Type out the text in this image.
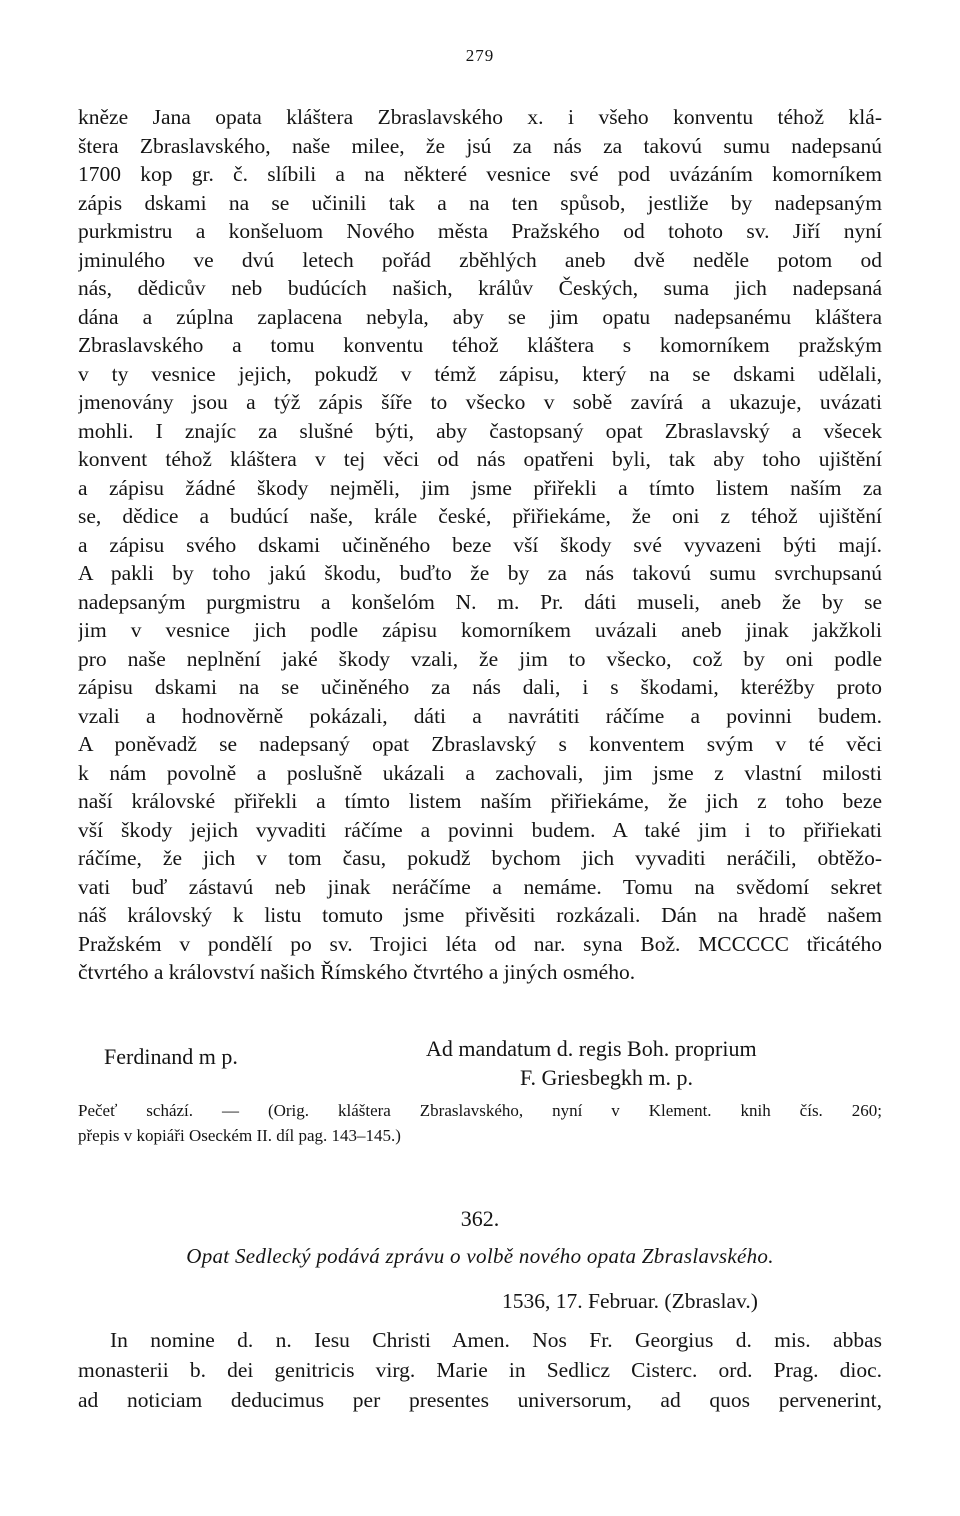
279
kněze Jana opata kláštera Zbraslavského x. i všeho konventu téhož klá-
štera Zbraslavského, naše milee, že jsú za nás za takovú sumu nadepsanú
1700 kop gr. č. slíbili a na některé vesnice své pod uvázáním komorníkem
zápis dskami na se učinili tak a na ten spůsob, jestliže by nadepsaným
purkmistru a konšeluom Nového města Pražského od tohoto sv. Jiří nyní
jminulého ve dvú letech pořád zběhlých aneb dvě neděle potom od
nás, dědicův neb budúcích našich, králův Českých, suma jich nadepsaná
dána a zúplna zaplacena nebyla, aby se jim opatu nadepsanému kláštera
Zbraslavského a tomu konventu téhož kláštera s komorníkem pražským
v ty vesnice jejich, pokudž v témž zápisu, který na se dskami udělali,
jmenovány jsou a týž zápis šíře to všecko v sobě zavírá a ukazuje, uvázati
mohli. I znajíc za slušné býti, aby častopsaný opat Zbraslavský a všecek
konvent téhož kláštera v tej věci od nás opatřeni byli, tak aby toho ujištění
a zápisu žádné škody nejměli, jim jsme přiřekli a tímto listem naším za
se, dědice a budúcí naše, krále české, přiřiekáme, že oni z téhož ujištění
a zápisu svého dskami učiněného beze vší škody své vyvazeni býti mají.
A pakli by toho jakú škodu, buďto že by za nás takovú sumu svrchupsanú
nadepsaným purgmistru a konšelóm N. m. Pr. dáti museli, aneb že by se
jim v vesnice jich podle zápisu komorníkem uvázali aneb jinak jakžkoli
pro naše neplnění jaké škody vzali, že jim to všecko, což by oni podle
zápisu dskami na se učiněného za nás dali, i s škodami, kteréžby proto
vzali a hodnověrně pokázali, dáti a navrátiti ráčíme a povinni budem.
A poněvadž se nadepsaný opat Zbraslavský s konventem svým v té věci
k nám povolně a poslušně ukázali a zachovali, jim jsme z vlastní milosti
naší královské přiřekli a tímto listem naším přiřiekáme, že jich z toho beze
vší škody jejich vyvaditi ráčíme a povinni budem. A také jim i to přiřiekati
ráčíme, že jich v tom času, pokudž bychom jich vyvaditi neráčili, obtěžo-
vati buď zástavú neb jinak neráčíme a nemáme. Tomu na svědomí sekret
náš královský k listu tomuto jsme přivěsiti rozkázali. Dán na hradě našem
Pražském v pondělí po sv. Trojici léta od nar. syna Bož. MCCCCC třicátého
čtvrtého a království našich Římského čtvrtého a jiných osmého.
Ferdinand m p.	Ad mandatum d. regis Boh. proprium
F. Griesbegkh m. p.
Pečeť schází. — (Orig. kláštera Zbraslavského, nyní v Klement. knih čís. 260;
přepis v kopiáři Oseckém II. díl pag. 143–145.)
362.
Opat Sedlecký podává zprávu o volbě nového opata Zbraslavského.
1536, 17. Februar. (Zbraslav.)
In nomine d. n. Iesu Christi Amen. Nos Fr. Georgius d. mis. abbas
monasterii b. dei genitricis virg. Marie in Sedlicz Cisterc. ord. Prag. dioc.
ad noticiam deducimus per presentes universorum, ad quos pervenerint,
